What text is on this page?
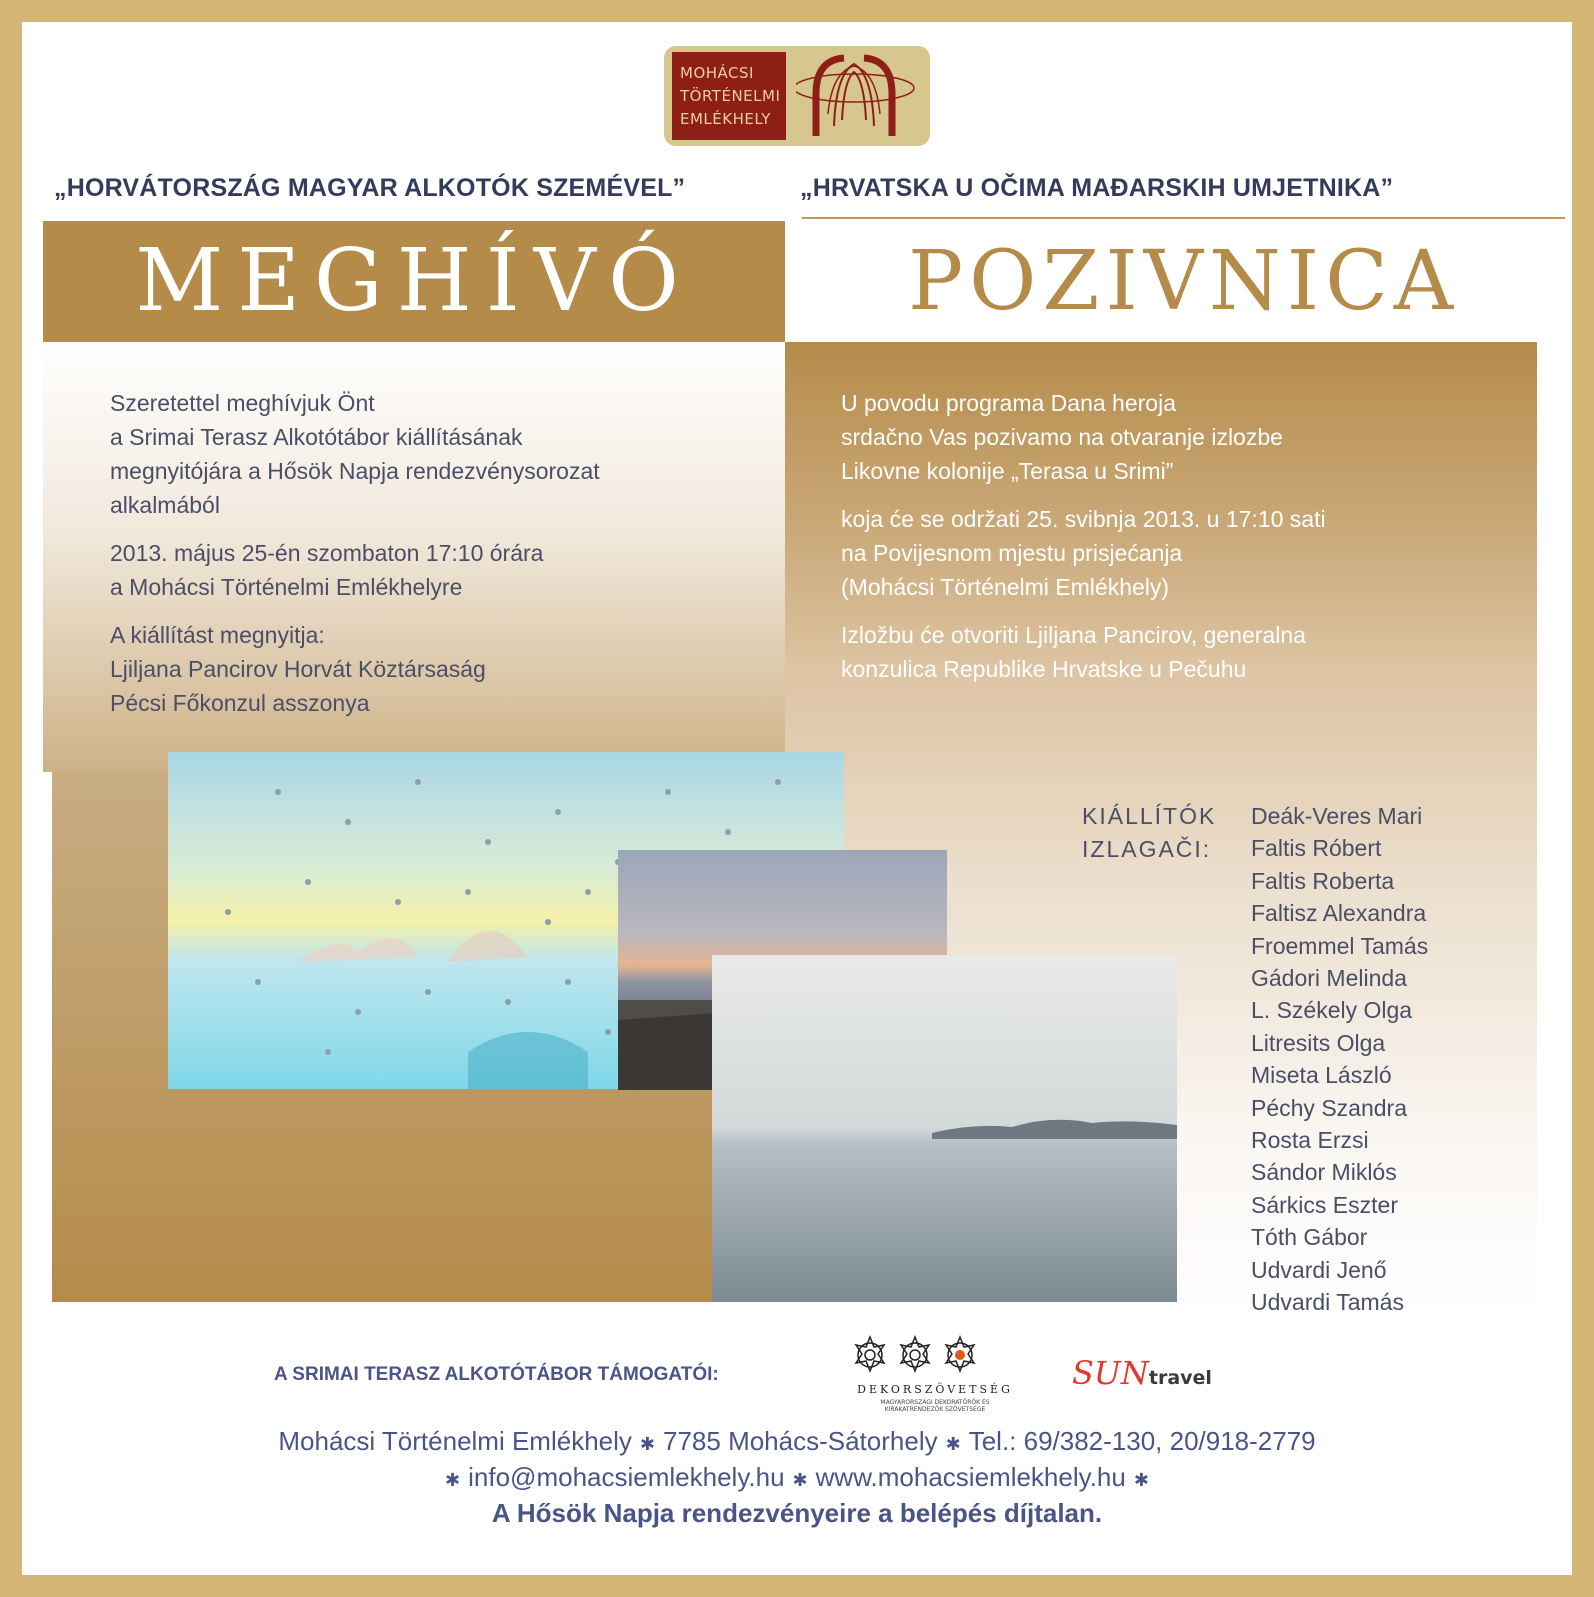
MOHÁCSI
TÖRTÉNELMI
EMLÉKHELY
„HORVÁTORSZÁG MAGYAR ALKOTÓK SZEMÉVEL”	„HRVATSKA U OČIMA MAĐARSKIH UMJETNIKA”
MEGHÍVÓ	POZIVNICA

Szeretettel meghívjuk Önt
a Srimai Terasz Alkotótábor kiállításának
megnyitójára a Hősök Napja rendezvénysorozat
alkalmából

2013. május 25-én szombaton 17:10 órára
a Mohácsi Történelmi Emlékhelyre

A kiállítást megnyitja:
Ljiljana Pancirov Horvát Köztársaság
Pécsi Főkonzul asszonya

U povodu programa Dana heroja
srdačno Vas pozivamo na otvaranje izlozbe
Likovne kolonije „Terasa u Srimi”

koja će se održati 25. svibnja 2013. u 17:10 sati
na Povijesnom mjestu prisjećanja
(Mohácsi Történelmi Emlékhely)

Izložbu će otvoriti Ljiljana Pancirov, generalna
konzulica Republike Hrvatske u Pečuhu

KIÁLLÍTÓK
IZLAGAČI:
Deák-Veres Mari
Faltis Róbert
Faltis Roberta
Faltisz Alexandra
Froemmel Tamás
Gádori Melinda
L. Székely Olga
Litresits Olga
Miseta László
Péchy Szandra
Rosta Erzsi
Sándor Miklós
Sárkics Eszter
Tóth Gábor
Udvardi Jenő
Udvardi Tamás
A SRIMAI TERASZ ALKOTÓTÁBOR TÁMOGATÓI:
DEKORSZÖVETSÉG
MAGYARORSZÁGI DEKORATŐRÖK ÉS KIRAKATRENDEZŐK SZÖVETSÉGE
SUNtravel
Mohácsi Történelmi Emlékhely ✱ 7785 Mohács-Sátorhely ✱ Tel.: 69/382-130, 20/918-2779
✱ info@mohacsiemlekhely.hu ✱ www.mohacsiemlekhely.hu ✱
A Hősök Napja rendezvényeire a belépés díjtalan.
